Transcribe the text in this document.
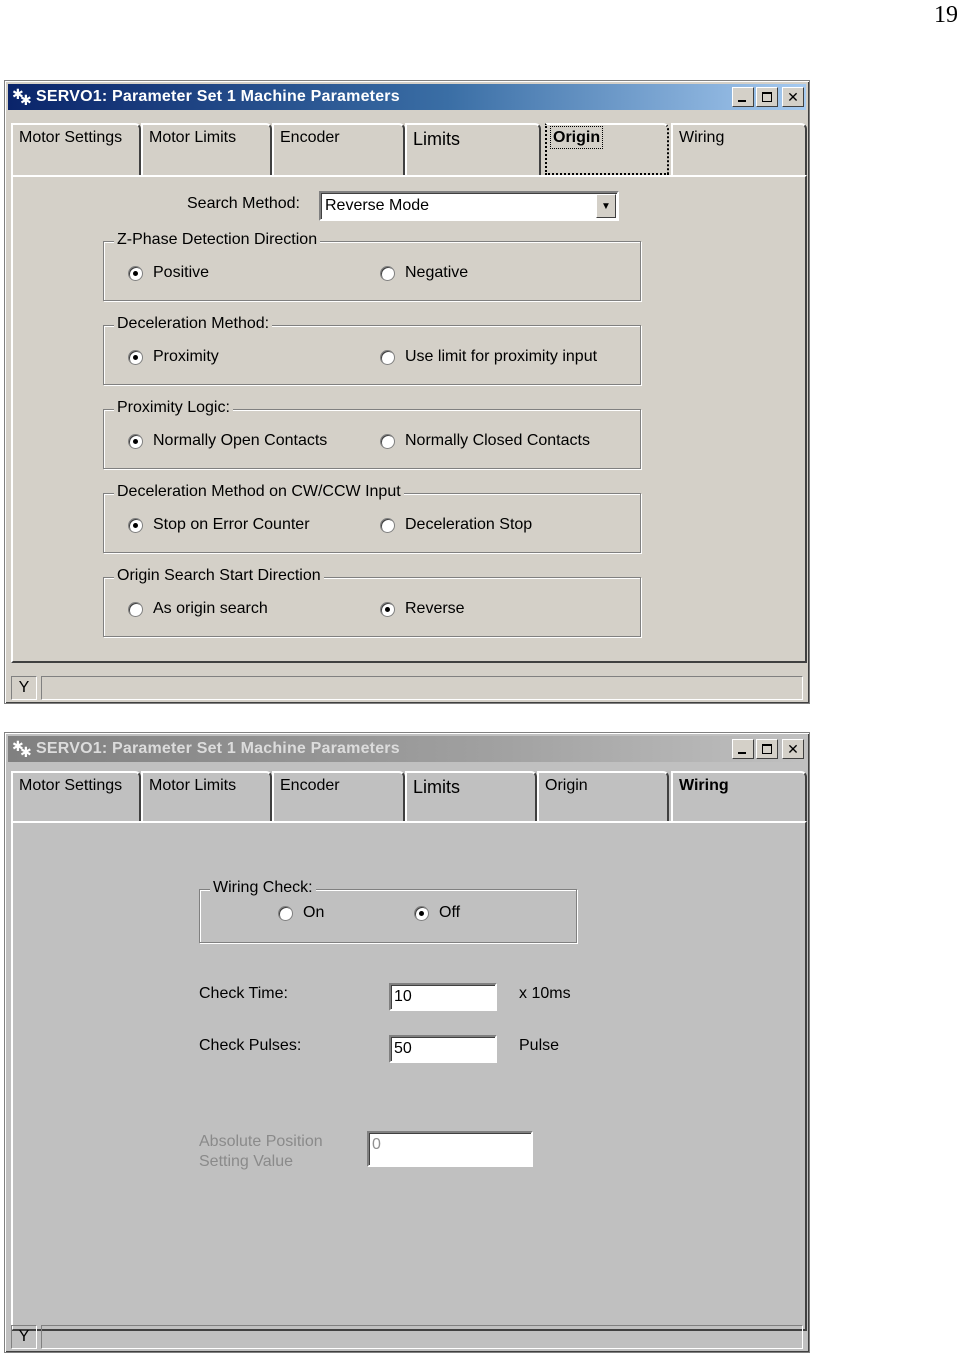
19
✱
✱ SERVO1: Parameter Set 1 Machine Parameters	✕
Motor Settings	Motor Limits	Encoder	Limits	Origin	Wiring
Search Method: Reverse Mode	▼
Z-Phase Detection Direction
Positive	Negative
Deceleration Method:
Proximity	Use limit for proximity input
Proximity Logic:
Normally Open Contacts	Normally Closed Contacts
Deceleration Method on CW/CCW Input
Stop on Error Counter	Deceleration Stop
Origin Search Start Direction
As origin search	Reverse
Y
✱
✱ SERVO1: Parameter Set 1 Machine Parameters	✕
Motor Settings	Motor Limits	Encoder	Limits	Origin	Wiring
Wiring Check:
On	Off
Check Time:	10	x 10ms
Check Pulses:	50	Pulse
Absolute Position
Setting Value
0
Y
